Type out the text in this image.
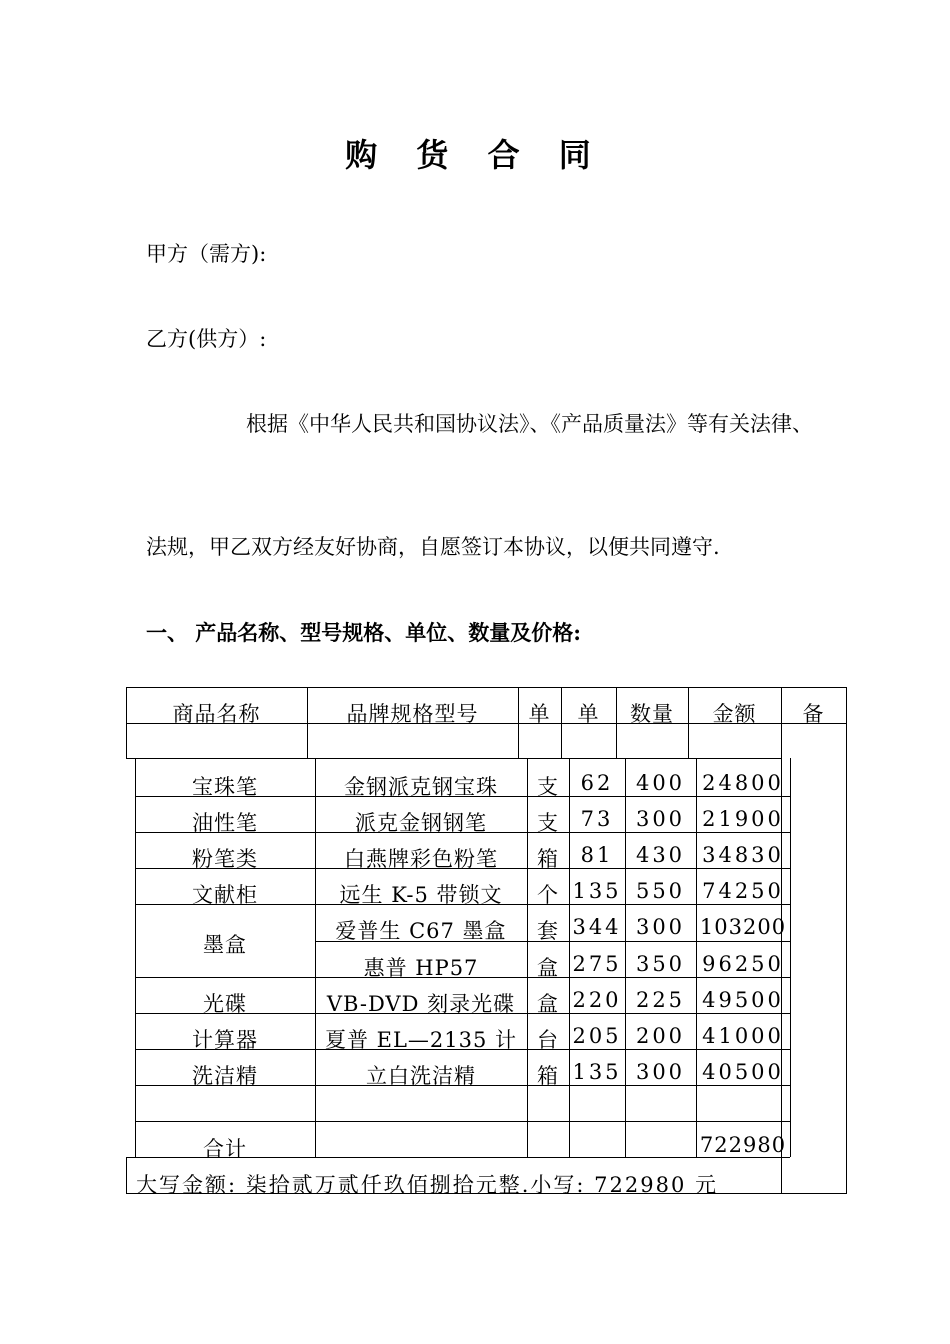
购 货 合 同
甲方（需方):
乙方(供方）:
根据《中华人民共和国协议法》、《产品质量法》等有关法律、
法规，甲乙双方经友好协商，自愿签订本协议，以便共同遵守.
一、 产品名称、型号规格、单位、数量及价格:
商品名称	品牌规格型号	单	单	数量	金额	备
宝珠笔	金钢派克钢宝珠	支	62	400 24800
油性笔	派克金钢钢笔	支	73	300 21900
粉笔类	白燕牌彩色粉笔	箱	81	430 34830
文献柜	远生 K-5 带锁文	个 135 550 74250
墨盒
爱普生 C67 墨盒	套 344 300 103200
惠普 HP57	盒 275 350 96250
光碟	VB-DVD 刻录光碟	盒 220 225 49500
计算器	夏普 EL—2135 计 台 205 200 41000
洗洁精	立白洗洁精	箱 135 300 40500
合计	722980
大写金额: 柒拾贰万贰仟玖佰捌拾元整.小写: 722980 元
